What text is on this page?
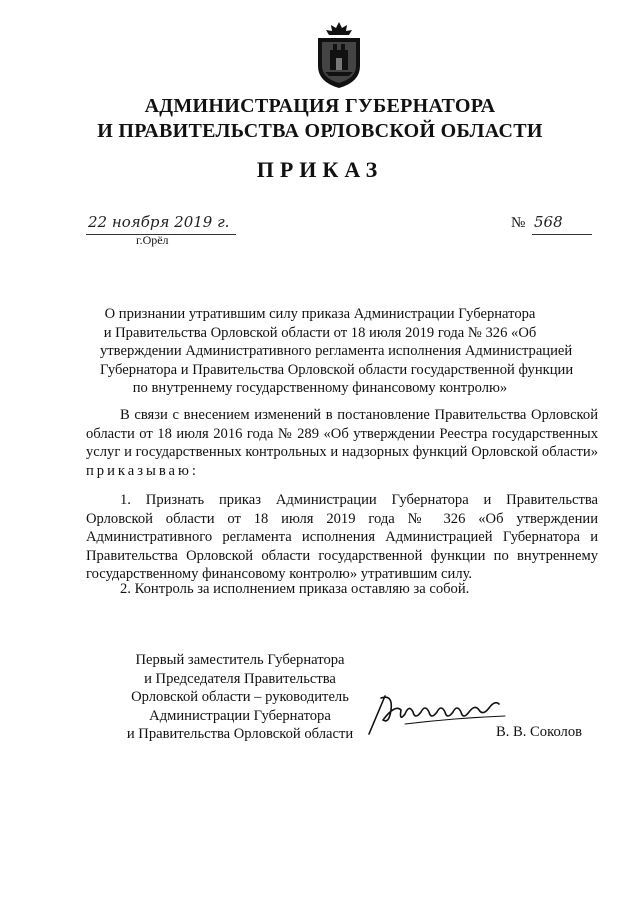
АДМИНИСТРАЦИЯ ГУБЕРНАТОРА
И ПРАВИТЕЛЬСТВА ОРЛОВСКОЙ ОБЛАСТИ
ПРИКАЗ
22 ноября 2019 г.
г.Орёл
№ 568
О признании утратившим силу приказа Администрации Губернатора
и Правительства Орловской области от 18 июля 2019 года № 326 «Об
утверждении Административного регламента исполнения Администрацией
Губернатора и Правительства Орловской области государственной функции
по внутреннему государственному финансовому контролю»
В связи с внесением изменений в постановление Правительства Орловской области от 18 июля 2016 года № 289 «Об утверждении Реестра государственных услуг и государственных контрольных и надзорных функций Орловской области» приказываю:
1. Признать приказ Администрации Губернатора и Правительства Орловской области от 18 июля 2019 года № 326 «Об утверждении Административного регламента исполнения Администрацией Губернатора и Правительства Орловской области государственной функции по внутреннему государственному финансовому контролю» утратившим силу.
2. Контроль за исполнением приказа оставляю за собой.
Первый заместитель Губернатора
и Председателя Правительства
Орловской области – руководитель
Администрации Губернатора
и Правительства Орловской области	В. В. Соколов
